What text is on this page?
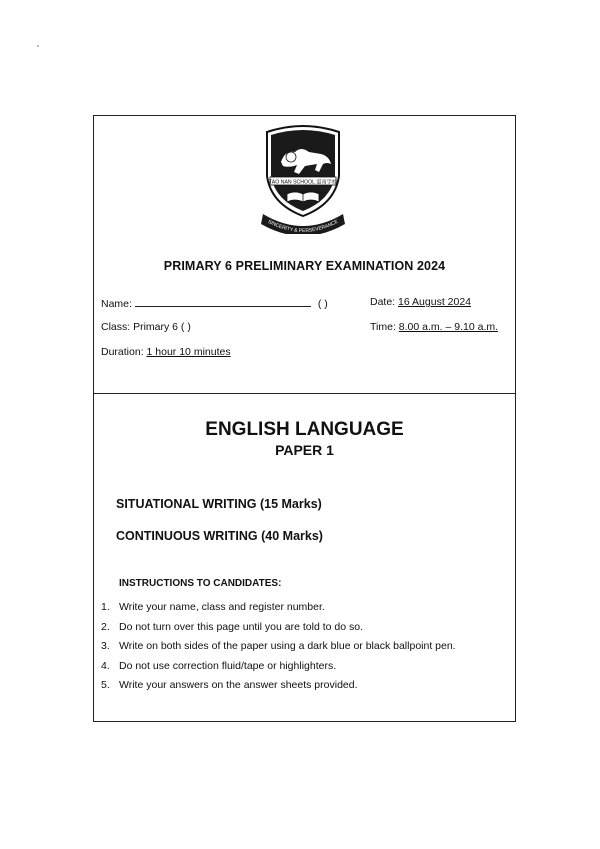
TAO NAN SCHOOL 道南学校
SINCERITY & PERSEVERANCE
PRIMARY 6 PRELIMINARY EXAMINATION 2024
Name:	( )	Date: 16 August 2024
Class: Primary 6 ( )	Time: 8.00 a.m. – 9.10 a.m.
Duration: 1 hour 10 minutes
ENGLISH LANGUAGE
PAPER 1
SITUATIONAL WRITING (15 Marks)
CONTINUOUS WRITING (40 Marks)
INSTRUCTIONS TO CANDIDATES:
1. Write your name, class and register number.
2. Do not turn over this page until you are told to do so.
3. Write on both sides of the paper using a dark blue or black ballpoint pen.
4. Do not use correction fluid/tape or highlighters.
5. Write your answers on the answer sheets provided.
